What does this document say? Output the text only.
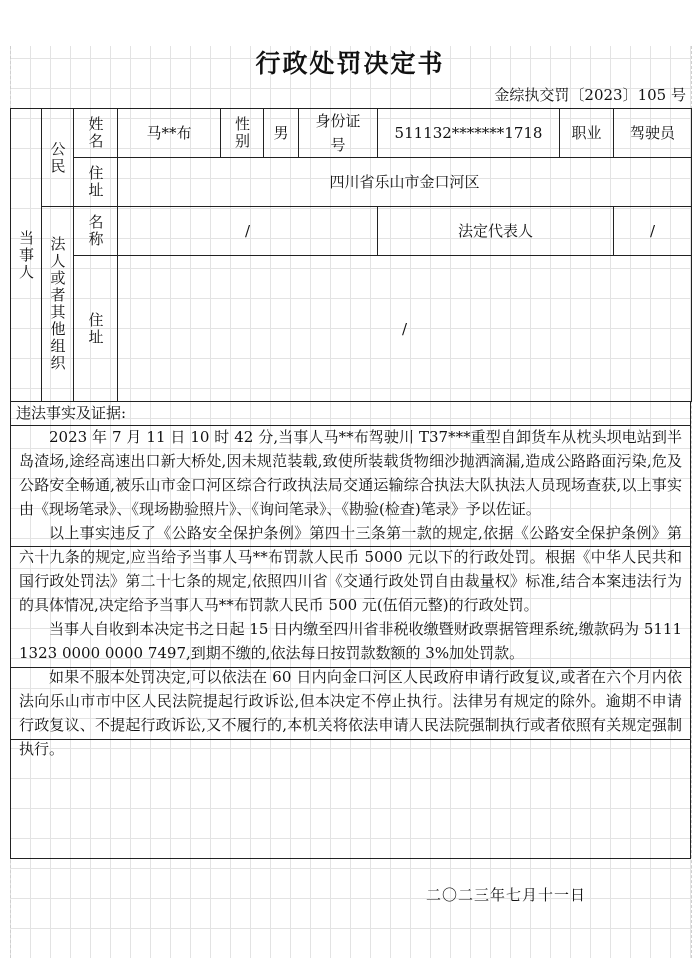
行政处罚决定书
金综执交罚〔2023〕105 号
当事人	公民	姓名	马**布	性别	男	身份证号	511132*******1718	职业	驾驶员

		住址	四川省乐山市金口河区						

	法人或者其他组织	名称	/				法定代表人		/

		住址	/						
违法事实及证据:

2023 年 7 月 11 日 10 时 42 分,当事人马**布驾驶川 T37***重型自卸货车从枕头坝电站到半岛渣场,途经高速出口新大桥处,因未规范装载,致使所装载货物细沙抛洒滴漏,造成公路路面污染,危及公路安全畅通,被乐山市金口河区综合行政执法局交通运输综合执法大队执法人员现场查获,以上事实由《现场笔录》、《现场勘验照片》、《询问笔录》、《勘验(检查)笔录》予以佐证。

以上事实违反了《公路安全保护条例》第四十三条第一款的规定,依据《公路安全保护条例》第六十九条的规定,应当给予当事人马**布罚款人民币 5000 元以下的行政处罚。根据《中华人民共和国行政处罚法》第二十七条的规定,依照四川省《交通行政处罚自由裁量权》标准,结合本案违法行为的具体情况,决定给予当事人马**布罚款人民币 500 元(伍佰元整)的行政处罚。

当事人自收到本决定书之日起 15 日内缴至四川省非税收缴暨财政票据管理系统,缴款码为 5111 1323 0000 0000 7497,到期不缴的,依法每日按罚款数额的 3%加处罚款。

如果不服本处罚决定,可以依法在 60 日内向金口河区人民政府申请行政复议,或者在六个月内依法向乐山市市中区人民法院提起行政诉讼,但本决定不停止执行。法律另有规定的除外。逾期不申请行政复议、不提起行政诉讼,又不履行的,本机关将依法申请人民法院强制执行或者依照有关规定强制执行。

二〇二三年七月十一日
